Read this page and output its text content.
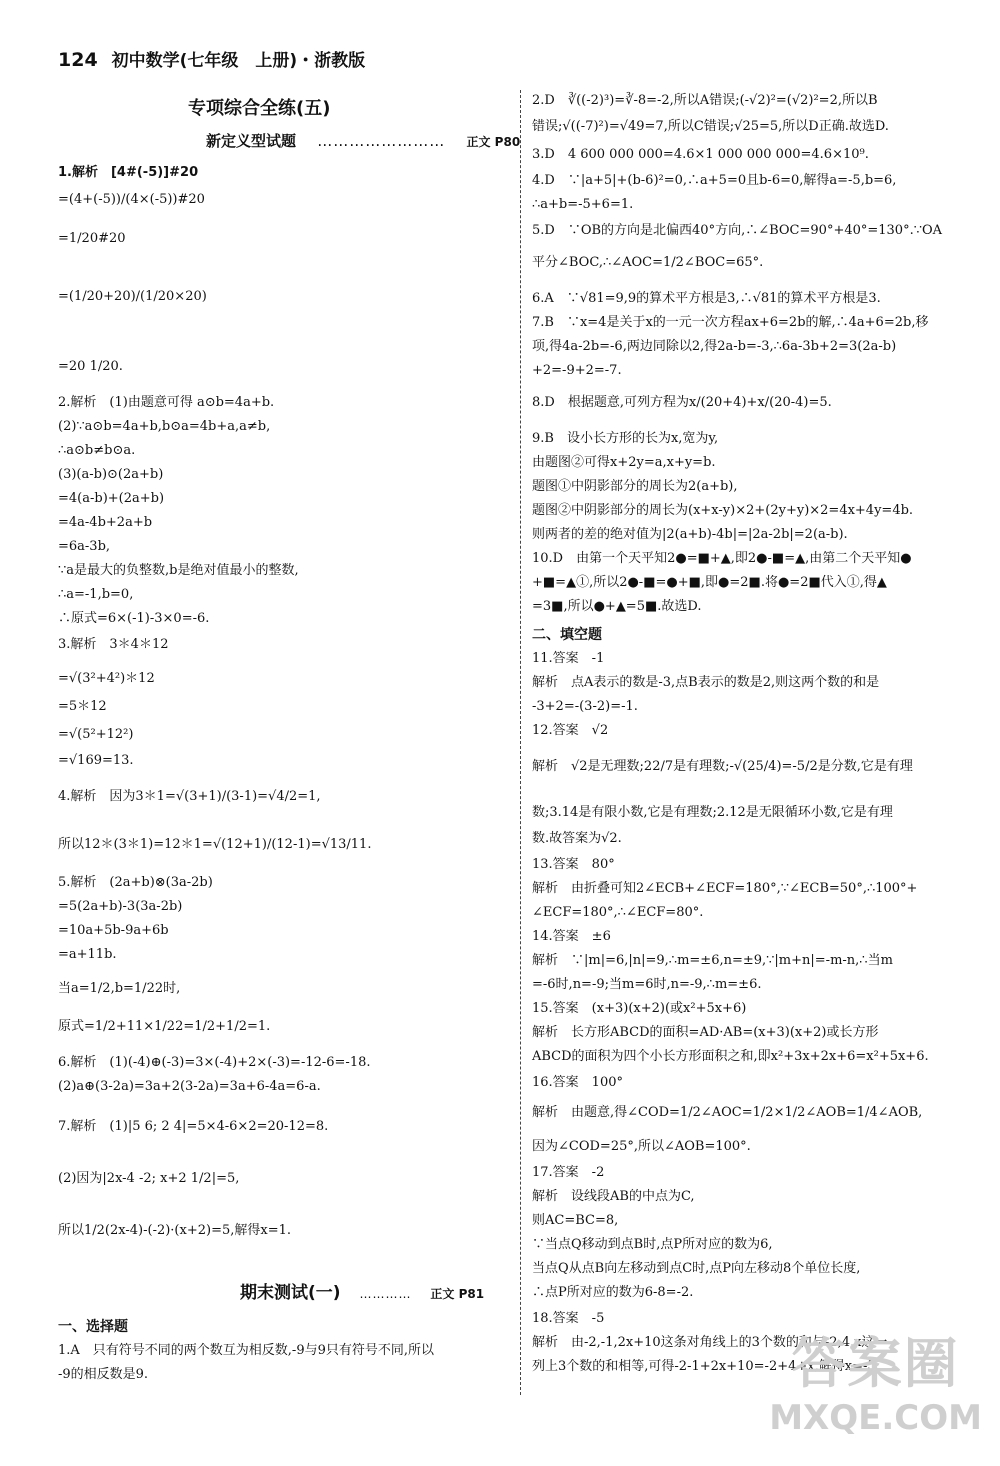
124 初中数学(七年级　上册)・浙教版
专项综合全练(五)
新定义型试题 　……………………　 正文 P80
1.解析　[4#(-5)]#20
=(4+(-5))/(4×(-5))#20
=1/20#20
=(1/20+20)/(1/20×20)
=20 1/20.
2.解析　(1)由题意可得 a⊙b=4a+b.
(2)∵a⊙b=4a+b,b⊙a=4b+a,a≠b,
∴a⊙b≠b⊙a.
(3)(a-b)⊙(2a+b)
=4(a-b)+(2a+b)
=4a-4b+2a+b
=6a-3b,
∵a是最大的负整数,b是绝对值最小的整数,
∴a=-1,b=0,
∴原式=6×(-1)-3×0=-6.
3.解析　3＊4＊12
=√(3²+4²)＊12
=5＊12
=√(5²+12²)
=√169=13.
4.解析　因为3＊1=√(3+1)/(3-1)=√4/2=1,
所以12＊(3＊1)=12＊1=√(12+1)/(12-1)=√13/11.
5.解析　(2a+b)⊗(3a-2b)
=5(2a+b)-3(3a-2b)
=10a+5b-9a+6b
=a+11b.
当a=1/2,b=1/22时,
原式=1/2+11×1/22=1/2+1/2=1.
6.解析　(1)(-4)⊕(-3)=3×(-4)+2×(-3)=-12-6=-18.
(2)a⊕(3-2a)=3a+2(3-2a)=3a+6-4a=6-a.
7.解析　(1)|5 6; 2 4|=5×4-6×2=20-12=8.
(2)因为|2x-4 -2; x+2 1/2|=5,
所以1/2(2x-4)-(-2)·(x+2)=5,解得x=1.
期末测试(一) 　…………　 正文 P81
一、选择题
1.A　只有符号不同的两个数互为相反数,-9与9只有符号不同,所以
-9的相反数是9.
2.D　∛((-2)³)=∛-8=-2,所以A错误;(-√2)²=(√2)²=2,所以B
错误;√((-7)²)=√49=7,所以C错误;√25=5,所以D正确.故选D.
3.D　4 600 000 000=4.6×1 000 000 000=4.6×10⁹.
4.D　∵|a+5|+(b-6)²=0,∴a+5=0且b-6=0,解得a=-5,b=6,
∴a+b=-5+6=1.
5.D　∵OB的方向是北偏西40°方向,∴∠BOC=90°+40°=130°.∵OA
平分∠BOC,∴∠AOC=1/2∠BOC=65°.
6.A　∵√81=9,9的算术平方根是3,∴√81的算术平方根是3.
7.B　∵x=4是关于x的一元一次方程ax+6=2b的解,∴4a+6=2b,移
项,得4a-2b=-6,两边同除以2,得2a-b=-3,∴6a-3b+2=3(2a-b)
+2=-9+2=-7.
8.D　根据题意,可列方程为x/(20+4)+x/(20-4)=5.
9.B　设小长方形的长为x,宽为y,
由题图②可得x+2y=a,x+y=b.
题图①中阴影部分的周长为2(a+b),
题图②中阴影部分的周长为(x+x-y)×2+(2y+y)×2=4x+4y=4b.
则两者的差的绝对值为|2(a+b)-4b|=|2a-2b|=2(a-b).
10.D　由第一个天平知2●=■+▲,即2●-■=▲,由第二个天平知●
+■=▲①,所以2●-■=●+■,即●=2■.将●=2■代入①,得▲
=3■,所以●+▲=5■.故选D.
二、填空题
11.答案　-1
解析　点A表示的数是-3,点B表示的数是2,则这两个数的和是
-3+2=-(3-2)=-1.
12.答案　√2
解析　√2是无理数;22/7是有理数;-√(25/4)=-5/2是分数,它是有理
数;3.14是有限小数,它是有理数;2.12是无限循环小数,它是有理
数.故答案为√2.
13.答案　80°
解析　由折叠可知2∠ECB+∠ECF=180°,∵∠ECB=50°,∴100°+
∠ECF=180°,∴∠ECF=80°.
14.答案　±6
解析　∵|m|=6,|n|=9,∴m=±6,n=±9,∵|m+n|=-m-n,∴当m
=-6时,n=-9;当m=6时,n=-9,∴m=±6.
15.答案　(x+3)(x+2)(或x²+5x+6)
解析　长方形ABCD的面积=AD·AB=(x+3)(x+2)或长方形
ABCD的面积为四个小长方形面积之和,即x²+3x+2x+6=x²+5x+6.
16.答案　100°
解析　由题意,得∠COD=1/2∠AOC=1/2×1/2∠AOB=1/4∠AOB,
因为∠COD=25°,所以∠AOB=100°.
17.答案　-2
解析　设线段AB的中点为C,
则AC=BC=8,
∵当点Q移动到点B时,点P所对应的数为6,
当点Q从点B向左移动到点C时,点P向左移动8个单位长度,
∴点P所对应的数为6-8=-2.
18.答案　-5
解析　由-2,-1,2x+10这条对角线上的3个数的和与-2,4,x这一
列上3个数的和相等,可得-2-1+2x+10=-2+4+x,解得x=-5.
答案圈
MXQE.COM
